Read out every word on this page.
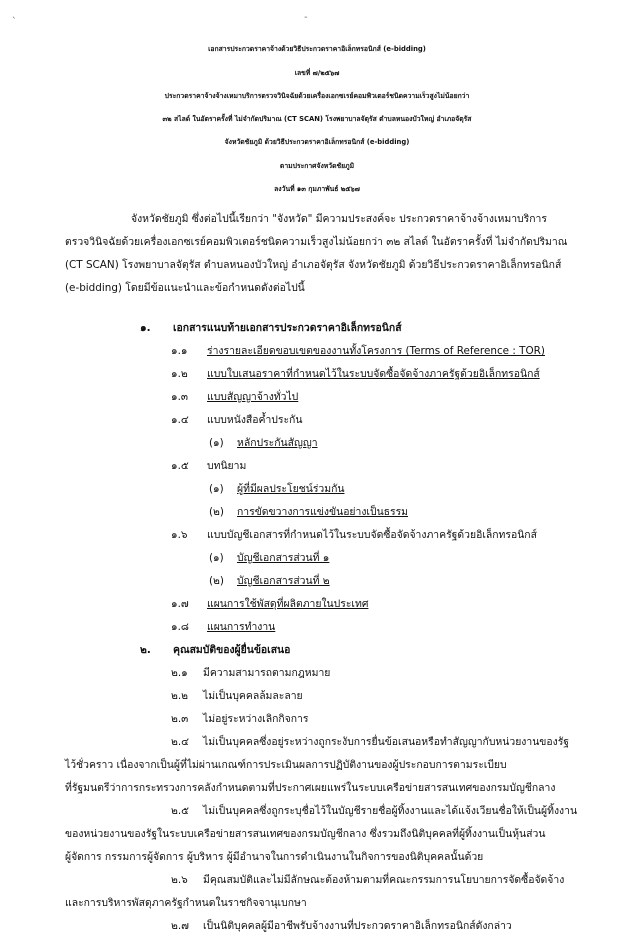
`	-
เอกสารประกวดราคาจ้างด้วยวิธีประกวดราคาอิเล็กทรอนิกส์ (e-bidding)
เลขที่ ๗/๒๕๖๗
ประกวดราคาจ้างจ้างเหมาบริการตรวจวินิจฉัยด้วยเครื่องเอกซเรย์คอมพิวเตอร์ชนิดความเร็วสูงไม่น้อยกว่า
๓๒ สไลด์ ในอัตราครั้งที่ ไม่จำกัดปริมาณ (CT SCAN) โรงพยาบาลจัตุรัส ตำบลหนองบัวใหญ่ อำเภอจัตุรัส
จังหวัดชัยภูมิ ด้วยวิธีประกวดราคาอิเล็กทรอนิกส์ (e-bidding)
ตามประกาศจังหวัดชัยภูมิ
ลงวันที่ ๑๓ กุมภาพันธ์ ๒๕๖๗
จังหวัดชัยภูมิ ซึ่งต่อไปนี้เรียกว่า "จังหวัด" มีความประสงค์จะ ประกวดราคาจ้างจ้างเหมาบริการ
ตรวจวินิจฉัยด้วยเครื่องเอกซเรย์คอมพิวเตอร์ชนิดความเร็วสูงไม่น้อยกว่า ๓๒ สไลด์ ในอัตราครั้งที่ ไม่จำกัดปริมาณ
(CT SCAN) โรงพยาบาลจัตุรัส ตำบลหนองบัวใหญ่ อำเภอจัตุรัส จังหวัดชัยภูมิ ด้วยวิธีประกวดราคาอิเล็กทรอนิกส์
(e-bidding) โดยมีข้อแนะนำและข้อกำหนดดังต่อไปนี้
๑. เอกสารแนบท้ายเอกสารประกวดราคาอิเล็กทรอนิกส์
๑.๑ ร่างรายละเอียดขอบเขตของงานทั้งโครงการ (Terms of Reference : TOR)
๑.๒ แบบใบเสนอราคาที่กำหนดไว้ในระบบจัดซื้อจัดจ้างภาครัฐด้วยอิเล็กทรอนิกส์
๑.๓ แบบสัญญาจ้างทั่วไป
๑.๔ แบบหนังสือค้ำประกัน
(๑) หลักประกันสัญญา
๑.๕ บทนิยาม
(๑) ผู้ที่มีผลประโยชน์ร่วมกัน
(๒) การขัดขวางการแข่งขันอย่างเป็นธรรม
๑.๖ แบบบัญชีเอกสารที่กำหนดไว้ในระบบจัดซื้อจัดจ้างภาครัฐด้วยอิเล็กทรอนิกส์
(๑) บัญชีเอกสารส่วนที่ ๑
(๒) บัญชีเอกสารส่วนที่ ๒
๑.๗ แผนการใช้พัสดุที่ผลิตภายในประเทศ
๑.๘ แผนการทำงาน
๒. คุณสมบัติของผู้ยื่นข้อเสนอ
๒.๑ มีความสามารถตามกฎหมาย
๒.๒ ไม่เป็นบุคคลล้มละลาย
๒.๓ ไม่อยู่ระหว่างเลิกกิจการ
๒.๔ ไม่เป็นบุคคลซึ่งอยู่ระหว่างถูกระงับการยื่นข้อเสนอหรือทำสัญญากับหน่วยงานของรัฐ
ไว้ชั่วคราว เนื่องจากเป็นผู้ที่ไม่ผ่านเกณฑ์การประเมินผลการปฏิบัติงานของผู้ประกอบการตามระเบียบ
ที่รัฐมนตรีว่าการกระทรวงการคลังกำหนดตามที่ประกาศเผยแพร่ในระบบเครือข่ายสารสนเทศของกรมบัญชีกลาง
๒.๕ ไม่เป็นบุคคลซึ่งถูกระบุชื่อไว้ในบัญชีรายชื่อผู้ทิ้งงานและได้แจ้งเวียนชื่อให้เป็นผู้ทิ้งงาน
ของหน่วยงานของรัฐในระบบเครือข่ายสารสนเทศของกรมบัญชีกลาง ซึ่งรวมถึงนิติบุคคลที่ผู้ทิ้งงานเป็นหุ้นส่วน
ผู้จัดการ กรรมการผู้จัดการ ผู้บริหาร ผู้มีอำนาจในการดำเนินงานในกิจการของนิติบุคคลนั้นด้วย
๒.๖ มีคุณสมบัติและไม่มีลักษณะต้องห้ามตามที่คณะกรรมการนโยบายการจัดซื้อจัดจ้าง
และการบริหารพัสดุภาครัฐกำหนดในราชกิจจานุเบกษา
๒.๗ เป็นนิติบุคคลผู้มีอาชีพรับจ้างงานที่ประกวดราคาอิเล็กทรอนิกส์ดังกล่าว
